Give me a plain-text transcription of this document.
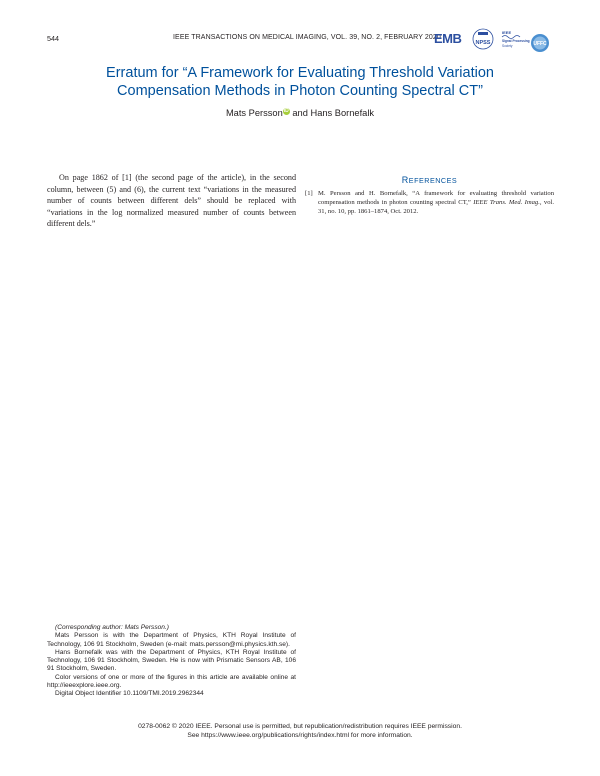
544	IEEE TRANSACTIONS ON MEDICAL IMAGING, VOL. 39, NO. 2, FEBRUARY 2020
EMB	NPSS
IEEE
Signal Processing
Society	UFFC
Erratum for “A Framework for Evaluating Threshold Variation
Compensation Methods in Photon Counting Spectral CT”
Mats PerssoniD and Hans Bornefalk
On page 1862 of [1] (the second page of the article), in the second column, between (5) and (6), the current text “variations in the measured number of counts between different dels” should be replaced with “variations in the log normalized measured number of counts between different dels.”
REFERENCES
[1] M. Persson and H. Bornefalk, “A framework for evaluating threshold variation compensation methods in photon counting spectral CT,” IEEE Trans. Med. Imag., vol. 31, no. 10, pp. 1861–1874, Oct. 2012.

(Corresponding author: Mats Persson.)

Mats Persson is with the Department of Physics, KTH Royal Institute of Technology, 106 91 Stockholm, Sweden (e-mail: mats.persson@mi.physics.kth.se).

Hans Bornefalk was with the Department of Physics, KTH Royal Institute of Technology, 106 91 Stockholm, Sweden. He is now with Prismatic Sensors AB, 106 91 Stockholm, Sweden.

Color versions of one or more of the figures in this article are available online at http://ieeexplore.ieee.org.

Digital Object Identifier 10.1109/TMI.2019.2962344

0278-0062 © 2020 IEEE. Personal use is permitted, but republication/redistribution requires IEEE permission.
See https://www.ieee.org/publications/rights/index.html for more information.
